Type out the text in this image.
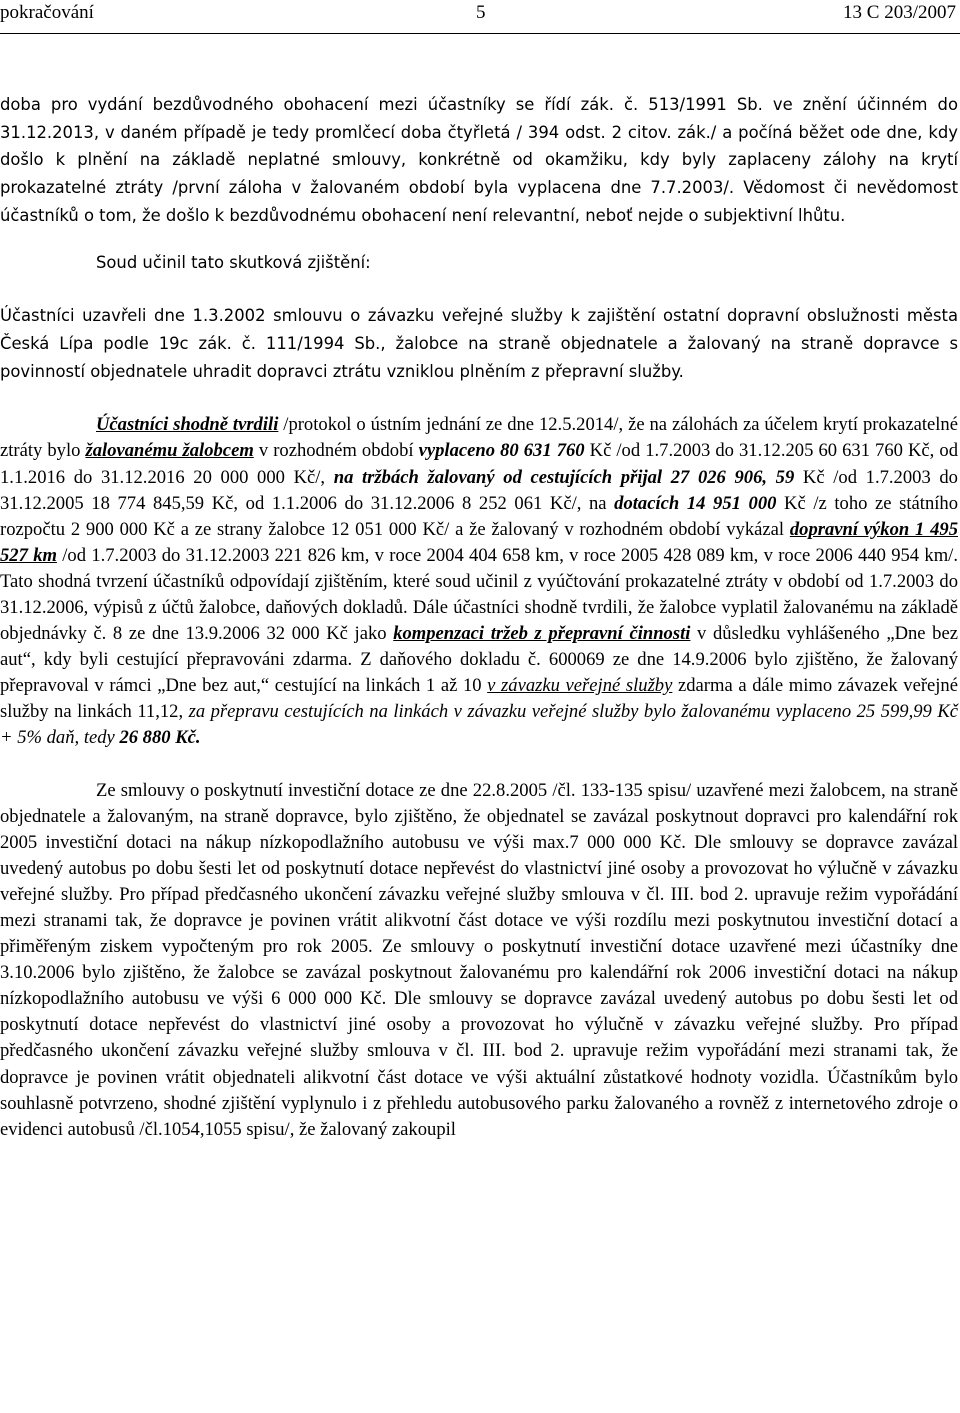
pokračování	5	13 C 203/2007

doba pro vydání bezdůvodného obohacení mezi účastníky se řídí zák. č. 513/1991 Sb. ve znění účinném do 31.12.2013, v daném případě je tedy promlčecí doba čtyřletá / 394 odst. 2 citov. zák./ a počíná běžet ode dne, kdy došlo k plnění na základě neplatné smlouvy, konkrétně od okamžiku, kdy byly zaplaceny zálohy na krytí prokazatelné ztráty /první záloha v žalovaném období byla vyplacena dne 7.7.2003/. Vědomost či nevědomost účastníků o tom, že došlo k bezdůvodnému obohacení není relevantní, neboť nejde o subjektivní lhůtu.

Soud učinil tato skutková zjištění:

Účastníci uzavřeli dne 1.3.2002 smlouvu o závazku veřejné služby k zajištění ostatní dopravní obslužnosti města Česká Lípa podle 19c zák. č. 111/1994 Sb., žalobce na straně objednatele a žalovaný na straně dopravce s povinností objednatele uhradit dopravci ztrátu vzniklou plněním z přepravní služby.

Účastníci shodně tvrdili /protokol o ústním jednání ze dne 12.5.2014/, že na zálohách za účelem krytí prokazatelné ztráty bylo žalovanému žalobcem v rozhodném období vyplaceno 80 631 760 Kč /od 1.7.2003 do 31.12.205 60 631 760 Kč, od 1.1.2016 do 31.12.2016 20 000 000 Kč/, na tržbách žalovaný od cestujících přijal 27 026 906, 59 Kč /od 1.7.2003 do 31.12.2005 18 774 845,59 Kč, od 1.1.2006 do 31.12.2006 8 252 061 Kč/, na dotacích 14 951 000 Kč /z toho ze státního rozpočtu 2 900 000 Kč a ze strany žalobce 12 051 000 Kč/ a že žalovaný v rozhodném období vykázal dopravní výkon 1 495 527 km /od 1.7.2003 do 31.12.2003 221 826 km, v roce 2004 404 658 km, v roce 2005 428 089 km, v roce 2006 440 954 km/. Tato shodná tvrzení účastníků odpovídají zjištěním, které soud učinil z vyúčtování prokazatelné ztráty v období od 1.7.2003 do 31.12.2006, výpisů z účtů žalobce, daňových dokladů. Dále účastníci shodně tvrdili, že žalobce vyplatil žalovanému na základě objednávky č. 8 ze dne 13.9.2006 32 000 Kč jako kompenzaci tržeb z přepravní činnosti v důsledku vyhlášeného „Dne bez aut“, kdy byli cestující přepravováni zdarma. Z daňového dokladu č. 600069 ze dne 14.9.2006 bylo zjištěno, že žalovaný přepravoval v rámci „Dne bez aut,“ cestující na linkách 1 až 10 v závazku veřejné služby zdarma a dále mimo závazek veřejné služby na linkách 11,12, za přepravu cestujících na linkách v závazku veřejné služby bylo žalovanému vyplaceno 25 599,99 Kč + 5% daň, tedy 26 880 Kč.

Ze smlouvy o poskytnutí investiční dotace ze dne 22.8.2005 /čl. 133-135 spisu/ uzavřené mezi žalobcem, na straně objednatele a žalovaným, na straně dopravce, bylo zjištěno, že objednatel se zavázal poskytnout dopravci pro kalendářní rok 2005 investiční dotaci na nákup nízkopodlažního autobusu ve výši max.7 000 000 Kč. Dle smlouvy se dopravce zavázal uvedený autobus po dobu šesti let od poskytnutí dotace nepřevést do vlastnictví jiné osoby a provozovat ho výlučně v závazku veřejné služby. Pro případ předčasného ukončení závazku veřejné služby smlouva v čl. III. bod 2. upravuje režim vypořádání mezi stranami tak, že dopravce je povinen vrátit alikvotní část dotace ve výši rozdílu mezi poskytnutou investiční dotací a přiměřeným ziskem vypočteným pro rok 2005. Ze smlouvy o poskytnutí investiční dotace uzavřené mezi účastníky dne 3.10.2006 bylo zjištěno, že žalobce se zavázal poskytnout žalovanému pro kalendářní rok 2006 investiční dotaci na nákup nízkopodlažního autobusu ve výši 6 000 000 Kč. Dle smlouvy se dopravce zavázal uvedený autobus po dobu šesti let od poskytnutí dotace nepřevést do vlastnictví jiné osoby a provozovat ho výlučně v závazku veřejné služby. Pro případ předčasného ukončení závazku veřejné služby smlouva v čl. III. bod 2. upravuje režim vypořádání mezi stranami tak, že dopravce je povinen vrátit objednateli alikvotní část dotace ve výši aktuální zůstatkové hodnoty vozidla. Účastníkům bylo souhlasně potvrzeno, shodné zjištění vyplynulo i z přehledu autobusového parku žalovaného a rovněž z internetového zdroje o evidenci autobusů /čl.1054,1055 spisu/, že žalovaný zakoupil
